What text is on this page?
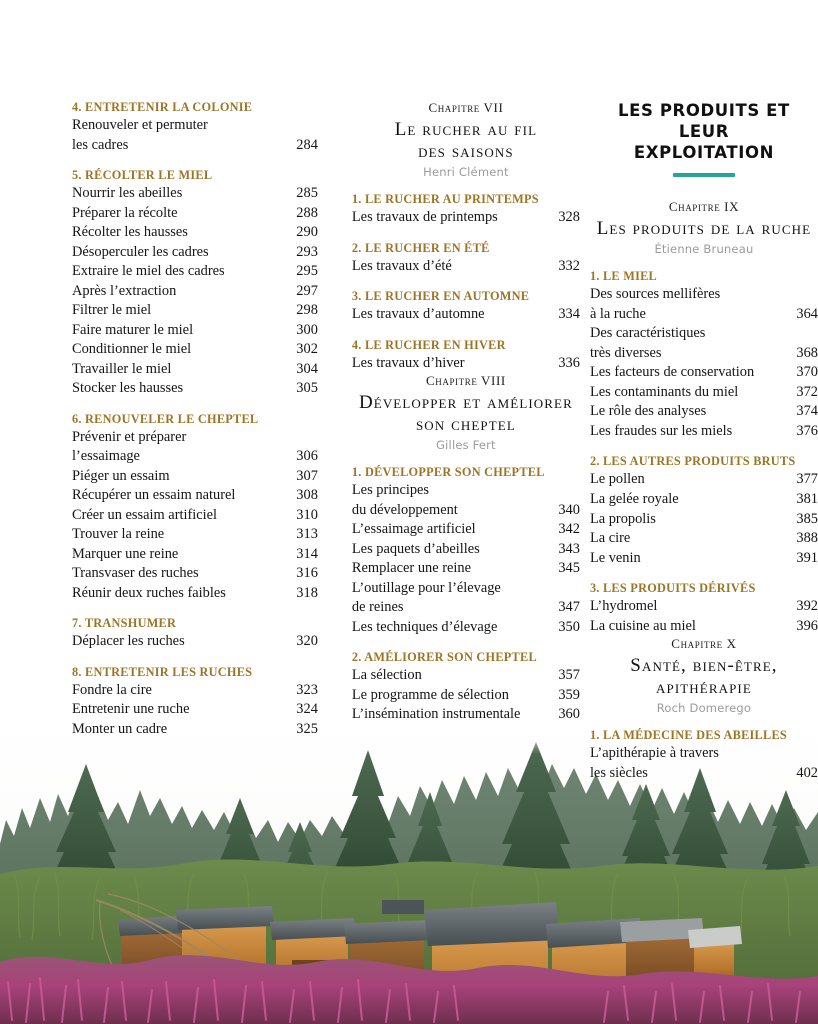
4. ENTRETENIR LA COLONIE
Renouveler et permuter
les cadres	284
5. RÉCOLTER LE MIEL
Nourrir les abeilles	285
Préparer la récolte	288
Récolter les hausses	290
Désoperculer les cadres	293
Extraire le miel des cadres	295
Après l’extraction	297
Filtrer le miel	298
Faire maturer le miel	300
Conditionner le miel	302
Travailler le miel	304
Stocker les hausses	305
6. RENOUVELER LE CHEPTEL
Prévenir et préparer
l’essaimage	306
Piéger un essaim	307
Récupérer un essaim naturel	308
Créer un essaim artificiel	310
Trouver la reine	313
Marquer une reine	314
Transvaser des ruches	316
Réunir deux ruches faibles	318
7. TRANSHUMER
Déplacer les ruches	320
8. ENTRETENIR LES RUCHES
Fondre la cire	323
Entretenir une ruche	324
Monter un cadre	325
Chapitre VII
Le rucher au fil
des saisons
Henri Clément
1. LE RUCHER AU PRINTEMPS
Les travaux de printemps	328
2. LE RUCHER EN ÉTÉ
Les travaux d’été	332
3. LE RUCHER EN AUTOMNE
Les travaux d’automne	334
4. LE RUCHER EN HIVER
Les travaux d’hiver	336
Chapitre VIII
Développer et améliorer
son cheptel
Gilles Fert
1. DÉVELOPPER SON CHEPTEL
Les principes
du développement	340
L’essaimage artificiel	342
Les paquets d’abeilles	343
Remplacer une reine	345
L’outillage pour l’élevage
de reines	347
Les techniques d’élevage	350
2. AMÉLIORER SON CHEPTEL
La sélection	357
Le programme de sélection	359
L’insémination instrumentale	360
LES PRODUITS ET LEUR
EXPLOITATION
Chapitre IX
Les produits de la ruche
Étienne Bruneau
1. LE MIEL
Des sources mellifères
à la ruche	364
Des caractéristiques
très diverses	368
Les facteurs de conservation	370
Les contaminants du miel	372
Le rôle des analyses	374
Les fraudes sur les miels	376
2. LES AUTRES PRODUITS BRUTS
Le pollen	377
La gelée royale	381
La propolis	385
La cire	388
Le venin	391
3. LES PRODUITS DÉRIVÉS
L’hydromel	392
La cuisine au miel	396
Chapitre X
Santé, bien-être,
apithérapie
Roch Domerego
1. LA MÉDECINE DES ABEILLES
L’apithérapie à travers
les siècles	402
